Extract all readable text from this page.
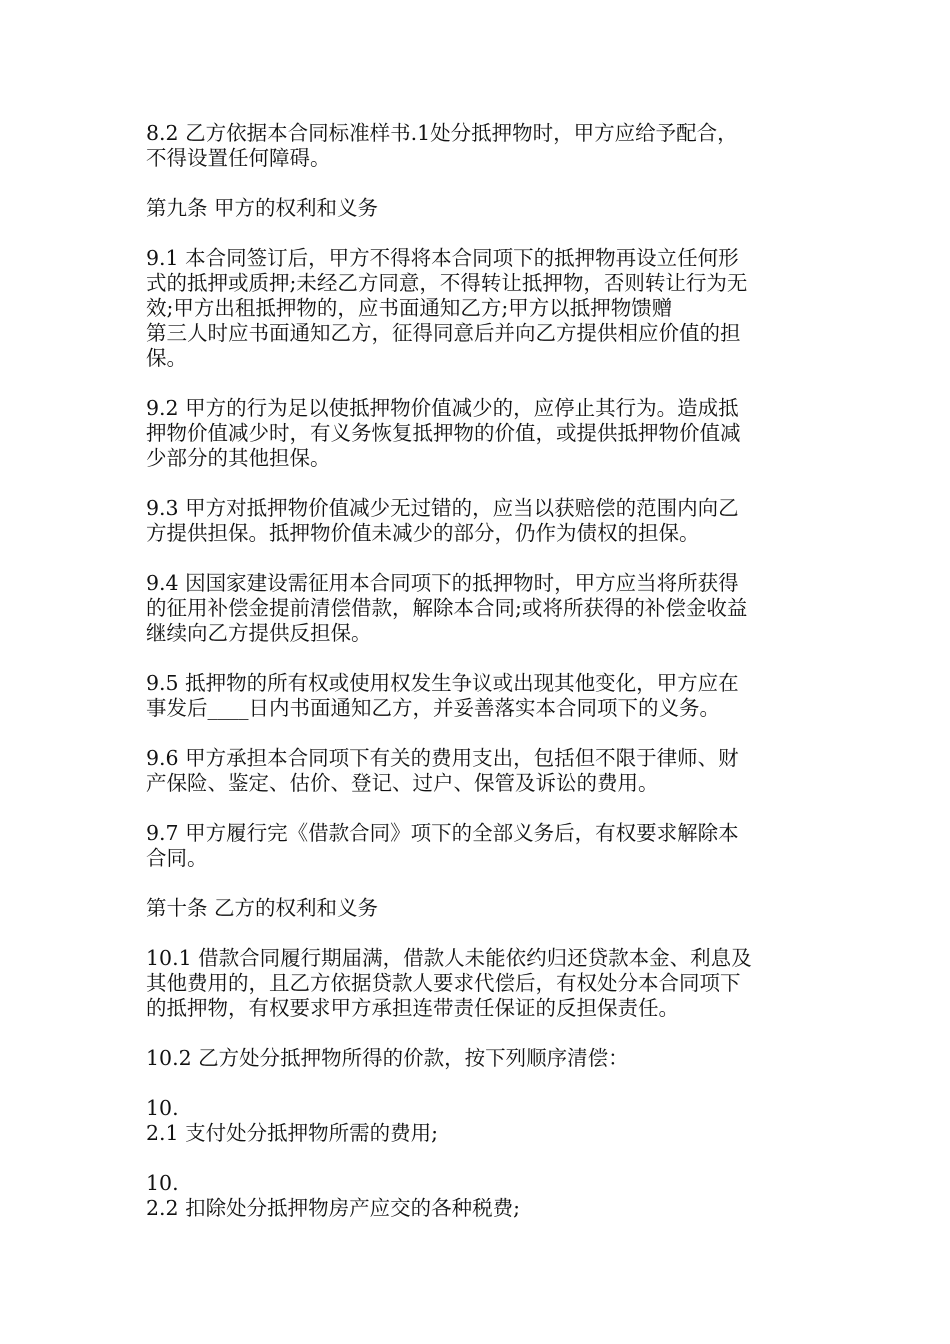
8.2 乙方依据本合同标准样书.1处分抵押物时，甲方应给予配合，
不得设置任何障碍。

第九条 甲方的权利和义务

9.1 本合同签订后，甲方不得将本合同项下的抵押物再设立任何形
式的抵押或质押;未经乙方同意，不得转让抵押物，否则转让行为无
效;甲方出租抵押物的，应书面通知乙方;甲方以抵押物馈赠
第三人时应书面通知乙方，征得同意后并向乙方提供相应价值的担
保。

9.2 甲方的行为足以使抵押物价值减少的，应停止其行为。造成抵
押物价值减少时，有义务恢复抵押物的价值，或提供抵押物价值减
少部分的其他担保。

9.3 甲方对抵押物价值减少无过错的，应当以获赔偿的范围内向乙
方提供担保。抵押物价值未减少的部分，仍作为债权的担保。

9.4 因国家建设需征用本合同项下的抵押物时，甲方应当将所获得
的征用补偿金提前清偿借款，解除本合同;或将所获得的补偿金收益
继续向乙方提供反担保。

9.5 抵押物的所有权或使用权发生争议或出现其他变化，甲方应在
事发后____日内书面通知乙方，并妥善落实本合同项下的义务。

9.6 甲方承担本合同项下有关的费用支出，包括但不限于律师、财
产保险、鉴定、估价、登记、过户、保管及诉讼的费用。

9.7 甲方履行完《借款合同》项下的全部义务后，有权要求解除本
合同。

第十条 乙方的权利和义务

10.1 借款合同履行期届满，借款人未能依约归还贷款本金、利息及
其他费用的，且乙方依据贷款人要求代偿后，有权处分本合同项下
的抵押物，有权要求甲方承担连带责任保证的反担保责任。

10.2 乙方处分抵押物所得的价款，按下列顺序清偿：

10.
2.1 支付处分抵押物所需的费用;

10.
2.2 扣除处分抵押物房产应交的各种税费;
